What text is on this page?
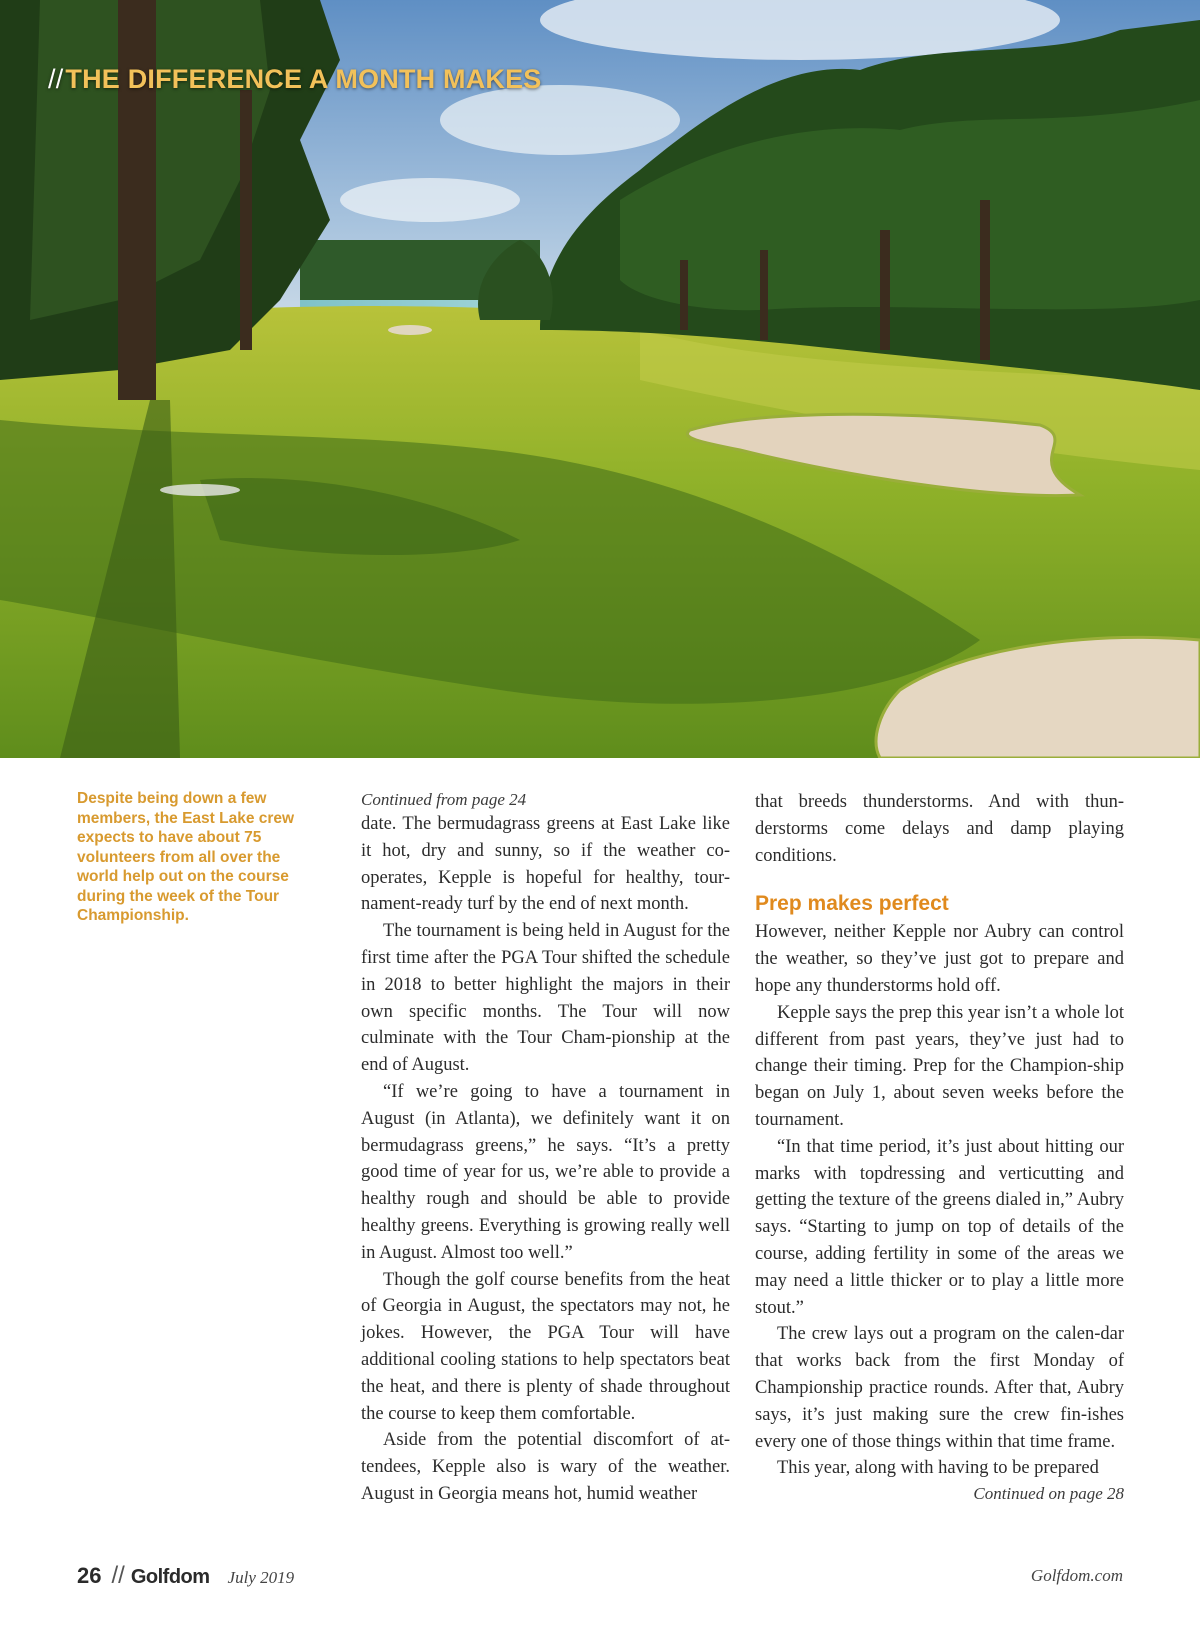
//THE DIFFERENCE A MONTH MAKES
Despite being down a few members, the East Lake crew expects to have about 75 volunteers from all over the world help out on the course during the week of the Tour Championship.

Continued from page 24

date. The bermudagrass greens at East Lake like it hot, dry and sunny, so if the weather co-operates, Kepple is hopeful for healthy, tour-nament-ready turf by the end of next month.

The tournament is being held in August for the first time after the PGA Tour shifted the schedule in 2018 to better highlight the majors in their own specific months. The Tour will now culminate with the Tour Cham-pionship at the end of August.

“If we’re going to have a tournament in August (in Atlanta), we definitely want it on bermudagrass greens,” he says. “It’s a pretty good time of year for us, we’re able to provide a healthy rough and should be able to provide healthy greens. Everything is growing really well in August. Almost too well.”

Though the golf course benefits from the heat of Georgia in August, the spectators may not, he jokes. However, the PGA Tour will have additional cooling stations to help spectators beat the heat, and there is plenty of shade throughout the course to keep them comfortable.

Aside from the potential discomfort of at-tendees, Kepple also is wary of the weather. August in Georgia means hot, humid weather

that breeds thunderstorms. And with thun-derstorms come delays and damp playing conditions.

Prep makes perfect

However, neither Kepple nor Aubry can control the weather, so they’ve just got to prepare and hope any thunderstorms hold off.

Kepple says the prep this year isn’t a whole lot different from past years, they’ve just had to change their timing. Prep for the Champion-ship began on July 1, about seven weeks before the tournament.

“In that time period, it’s just about hitting our marks with topdressing and verticutting and getting the texture of the greens dialed in,” Aubry says. “Starting to jump on top of details of the course, adding fertility in some of the areas we may need a little thicker or to play a little more stout.”

The crew lays out a program on the calen-dar that works back from the first Monday of Championship practice rounds. After that, Aubry says, it’s just making sure the crew fin-ishes every one of those things within that time frame.

This year, along with having to be prepared

Continued on page 28

26 // Golfdom July 2019	Golfdom.com
